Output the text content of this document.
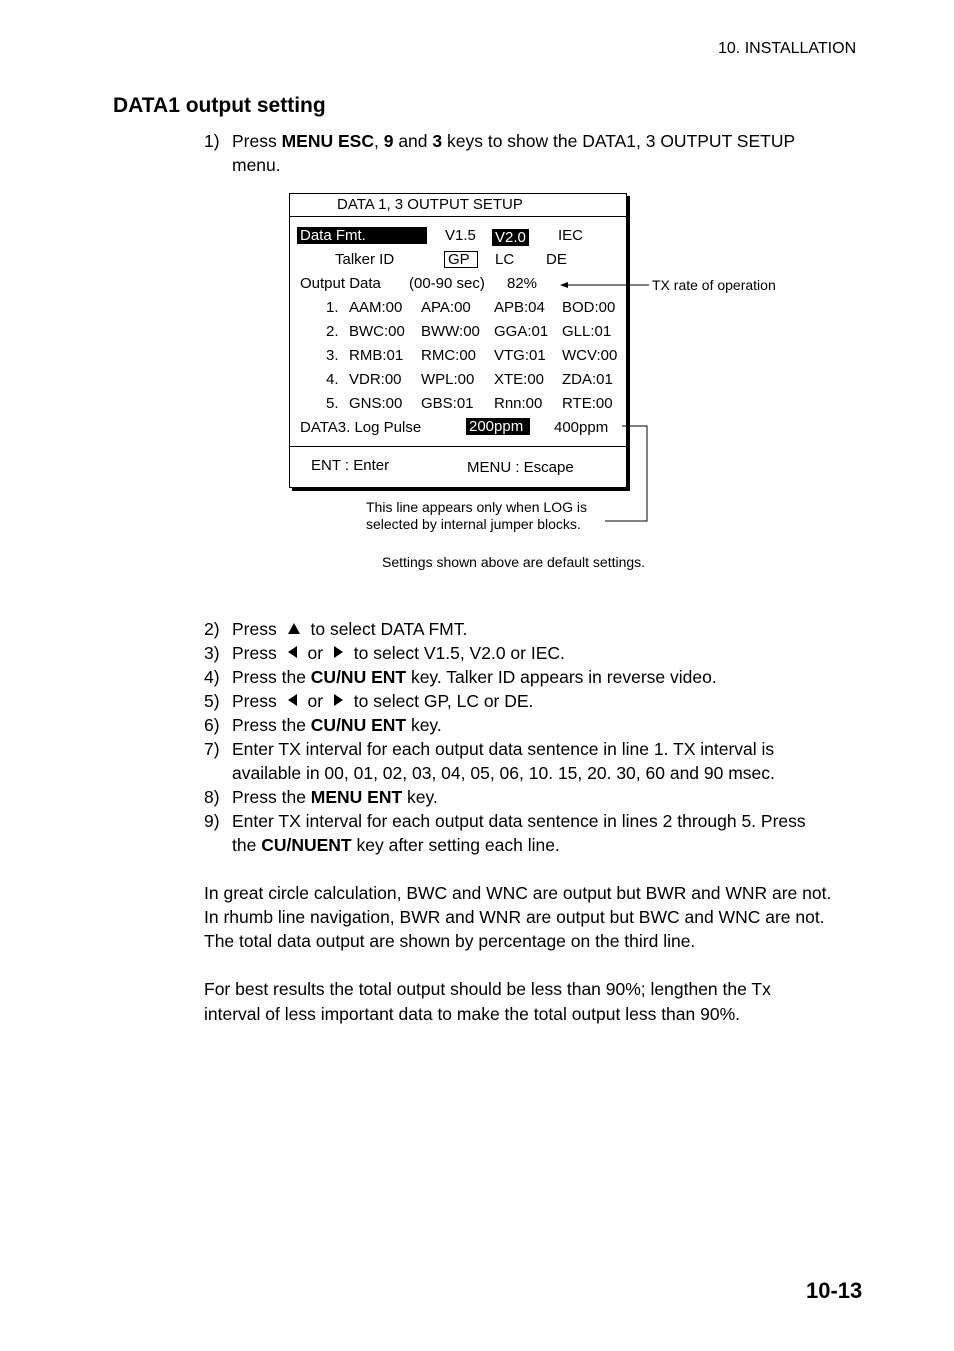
10. INSTALLATION
DATA1 output setting
1) Press MENU ESC, 9 and 3 keys to show the DATA1, 3 OUTPUT SETUP
menu.
DATA 1, 3 OUTPUT SETUP
Data Fmt.	V1.5 V2.0 IEC
Talker ID	GP	LC DE
Output Data (00-90 sec) 82%
1. AAM:00 APA:00 APB:04 BOD:00
2. BWC:00 BWW:00 GGA:01 GLL:01
3. RMB:01 RMC:00 VTG:01 WCV:00
4. VDR:00 WPL:00 XTE:00 ZDA:01
5. GNS:00 GBS:01 Rnn:00 RTE:00
DATA3. Log Pulse	200ppm	400ppm
ENT : Enter	MENU : Escape
TX rate of operation
This line appears only when LOG is
selected by internal jumper blocks.
Settings shown above are default settings.
2) Press to select DATA FMT.
3) Press or to select V1.5, V2.0 or IEC.
4) Press the CU/NU ENT key. Talker ID appears in reverse video.
5) Press or to select GP, LC or DE.
6) Press the CU/NU ENT key.
7) Enter TX interval for each output data sentence in line 1. TX interval is
available in 00, 01, 02, 03, 04, 05, 06, 10. 15, 20. 30, 60 and 90 msec.
8) Press the MENU ENT key.
9) Enter TX interval for each output data sentence in lines 2 through 5. Press
the CU/NUENT key after setting each line.
In great circle calculation, BWC and WNC are output but BWR and WNR are not.
In rhumb line navigation, BWR and WNR are output but BWC and WNC are not.
The total data output are shown by percentage on the third line.
For best results the total output should be less than 90%; lengthen the Tx
interval of less important data to make the total output less than 90%.
10-13
